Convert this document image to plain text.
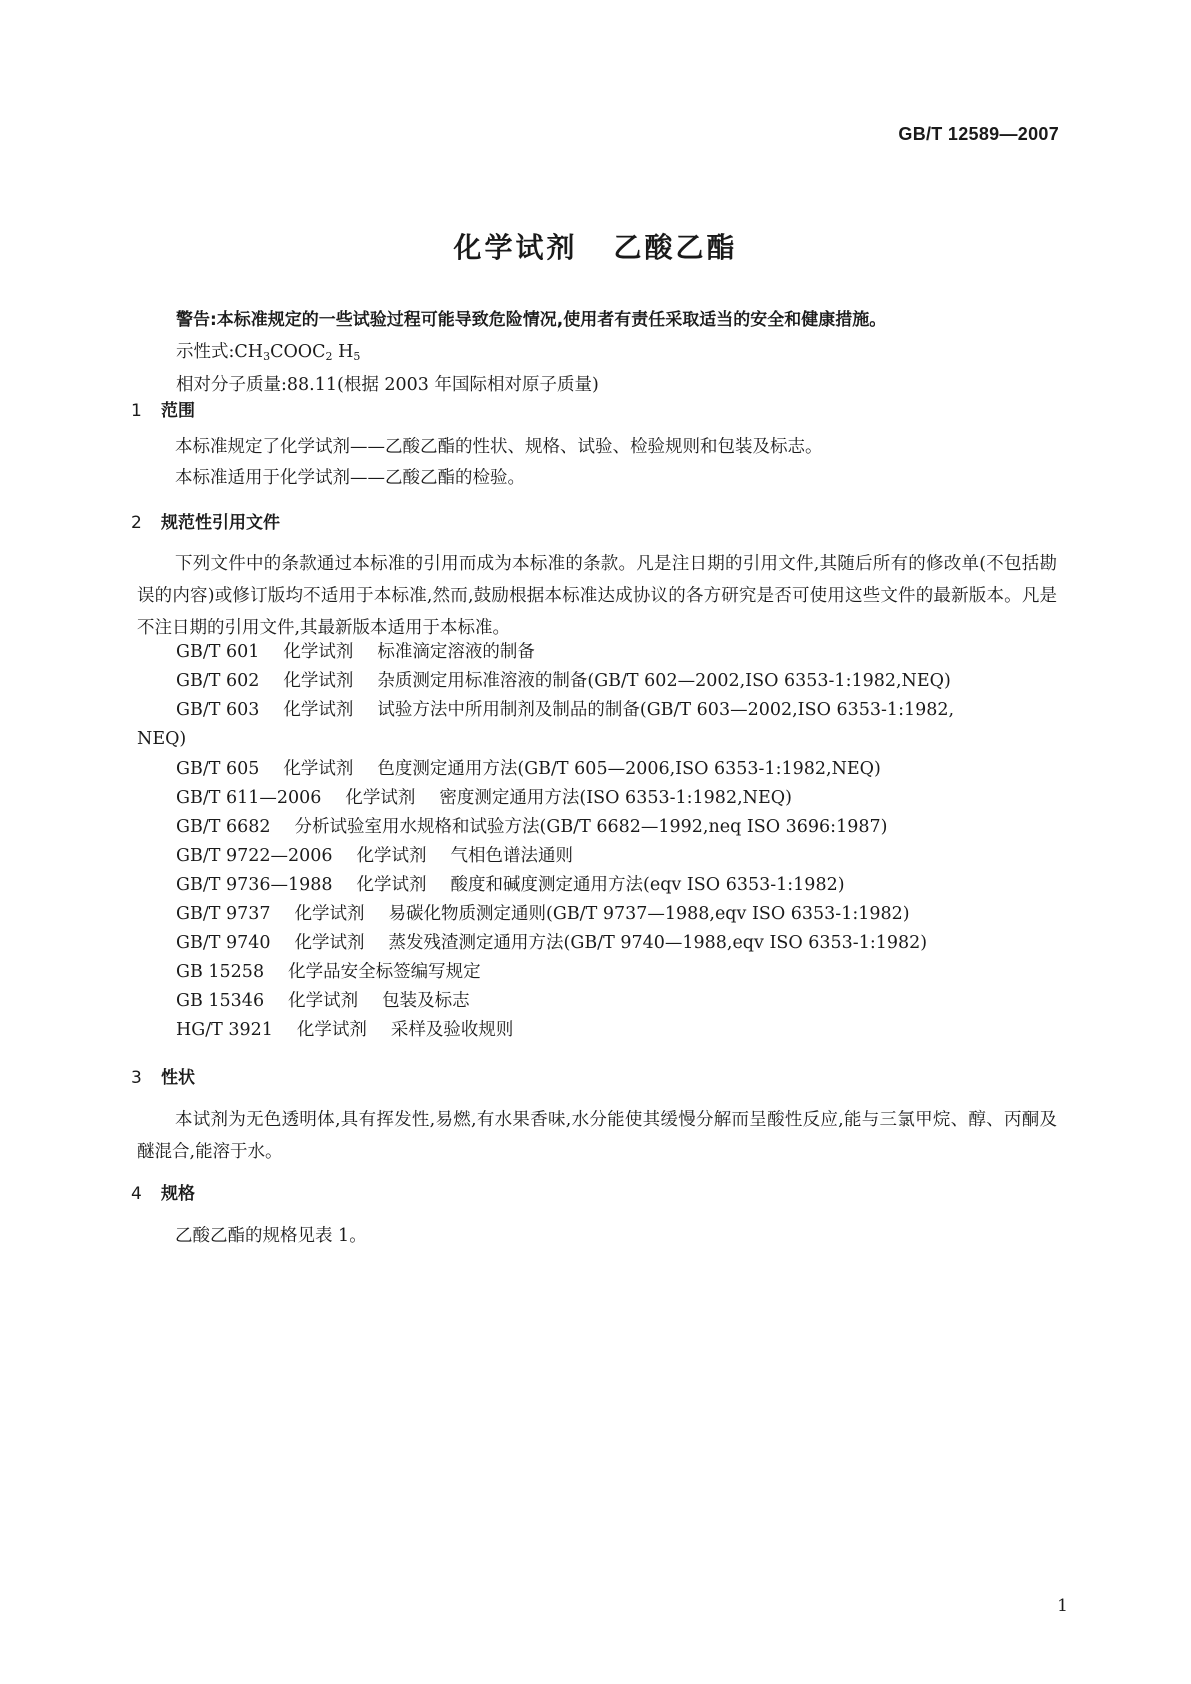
GB/T 12589—2007
化学试剂 乙酸乙酯
警告:本标准规定的一些试验过程可能导致危险情况,使用者有责任采取适当的安全和健康措施。
示性式$:CH_3COOC_2$ $H_5$
相对分子质量:88.11(根据 2003 年国际相对原子质量)
1 范围
本标准规定了化学试剂——乙酸乙酯的性状、规格、试验、检验规则和包装及标志。
本标准适用于化学试剂——乙酸乙酯的检验。
2 规范性引用文件
下列文件中的条款通过本标准的引用而成为本标准的条款。凡是注日期的引用文件,其随后所有的修改单(不包括勘误的内容)或修订版均不适用于本标准,然而,鼓励根据本标准达成协议的各方研究是否可使用这些文件的最新版本。凡是不注日期的引用文件,其最新版本适用于本标准。
GB/T 601 化学试剂 标准滴定溶液的制备
GB/T 602 化学试剂 杂质测定用标准溶液的制备(GB/T 602—2002,ISO 6353-1:1982,NEQ)
GB/T 603 化学试剂 试验方法中所用制剂及制品的制备(GB/T 603—2002,ISO 6353-1:1982,
NEQ)
GB/T 605 化学试剂 色度测定通用方法(GB/T 605—2006,ISO 6353-1:1982,NEQ)
GB/T 611—2006 化学试剂 密度测定通用方法(ISO 6353-1:1982,NEQ)
GB/T 6682 分析试验室用水规格和试验方法(GB/T 6682—1992,neq ISO 3696:1987)
GB/T 9722—2006 化学试剂 气相色谱法通则
GB/T 9736—1988 化学试剂 酸度和碱度测定通用方法(eqv ISO 6353-1:1982)
GB/T 9737 化学试剂 易碳化物质测定通则(GB/T 9737—1988,eqv ISO 6353-1:1982)
GB/T 9740 化学试剂 蒸发残渣测定通用方法(GB/T 9740—1988,eqv ISO 6353-1:1982)
GB 15258 化学品安全标签编写规定
GB 15346 化学试剂 包装及标志
HG/T 3921 化学试剂 采样及验收规则
3 性状
本试剂为无色透明体,具有挥发性,易燃,有水果香味,水分能使其缓慢分解而呈酸性反应,能与三氯甲烷、醇、丙酮及醚混合,能溶于水。
4 规格
乙酸乙酯的规格见表 1。
1
